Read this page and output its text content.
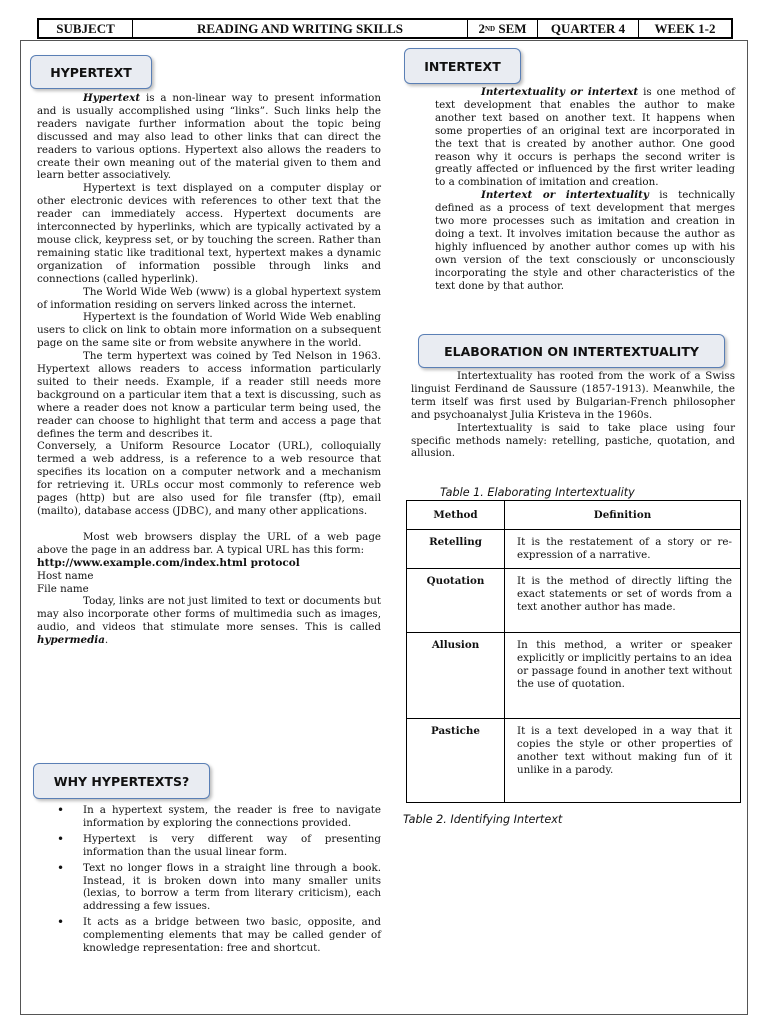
SUBJECT	READING AND WRITING SKILLS	2 ND SEM	QUARTER 4	WEEK 1-2
HYPERTEXT

Hypertext is a non-linear way to present information and is usually accomplished using “links”. Such links help the readers navigate further information about the topic being discussed and may also lead to other links that can direct the readers to various options. Hypertext also allows the readers to create their own meaning out of the material given to them and learn better associatively.

Hypertext is text displayed on a computer display or other electronic devices with references to other text that the reader can immediately access. Hypertext documents are interconnected by hyperlinks, which are typically activated by a mouse click, keypress set, or by touching the screen. Rather than remaining static like traditional text, hypertext makes a dynamic organization of information possible through links and connections (called hyperlink).

The World Wide Web (www) is a global hypertext system of information residing on servers linked across the internet.

Hypertext is the foundation of World Wide Web enabling users to click on link to obtain more information on a subsequent page on the same site or from website anywhere in the world.

The term hypertext was coined by Ted Nelson in 1963. Hypertext allows readers to access information particularly suited to their needs. Example, if a reader still needs more background on a particular item that a text is discussing, such as where a reader does not know a particular term being used, the reader can choose to highlight that term and access a page that defines the term and describes it.

Conversely, a Uniform Resource Locator (URL), colloquially termed a web address, is a reference to a web resource that specifies its location on a computer network and a mechanism for retrieving it. URLs occur most commonly to reference web pages (http) but are also used for file transfer (ftp), email (mailto), database access (JDBC), and many other applications.

Most web browsers display the URL of a web page above the page in an address bar. A typical URL has this form:

http://www.example.com/index.html protocol

Host name

File name

Today, links are not just limited to text or documents but may also incorporate other forms of multimedia such as images, audio, and videos that stimulate more senses. This is called hypermedia.

WHY HYPERTEXTS?
• In a hypertext system, the reader is free to navigate information by exploring the connections provided.
• Hypertext is very different way of presenting information than the usual linear form.
• Text no longer flows in a straight line through a book. Instead, it is broken down into many smaller units (lexias, to borrow a term from literary criticism), each addressing a few issues.
• It acts as a bridge between two basic, opposite, and complementing elements that may be called gender of knowledge representation: free and shortcut.
INTERTEXT

Intertextuality or intertext is one method of text development that enables the author to make another text based on another text. It happens when some properties of an original text are incorporated in the text that is created by another author. One good reason why it occurs is perhaps the second writer is greatly affected or influenced by the first writer leading to a combination of imitation and creation.

Intertext or intertextuality is technically defined as a process of text development that merges two more processes such as imitation and creation in doing a text. It involves imitation because the author as highly influenced by another author comes up with his own version of the text consciously or unconsciously incorporating the style and other characteristics of the text done by that author.

ELABORATION ON INTERTEXTUALITY

Intertextuality has rooted from the work of a Swiss linguist Ferdinand de Saussure (1857-1913). Meanwhile, the term itself was first used by Bulgarian-French philosopher and psychoanalyst Julia Kristeva in the 1960s.

Intertextuality is said to take place using four specific methods namely: retelling, pastiche, quotation, and allusion.

Table 1. Elaborating Intertextuality
Method	Definition
Retelling	It is the restatement of a story or re-expression of a narrative.
Quotation	It is the method of directly lifting the exact statements or set of words from a text another author has made.
Allusion	In this method, a writer or speaker explicitly or implicitly pertains to an idea or passage found in another text without the use of quotation.
Pastiche	It is a text developed in a way that it copies the style or other properties of another text without making fun of it unlike in a parody.
Table 2. Identifying Intertext
